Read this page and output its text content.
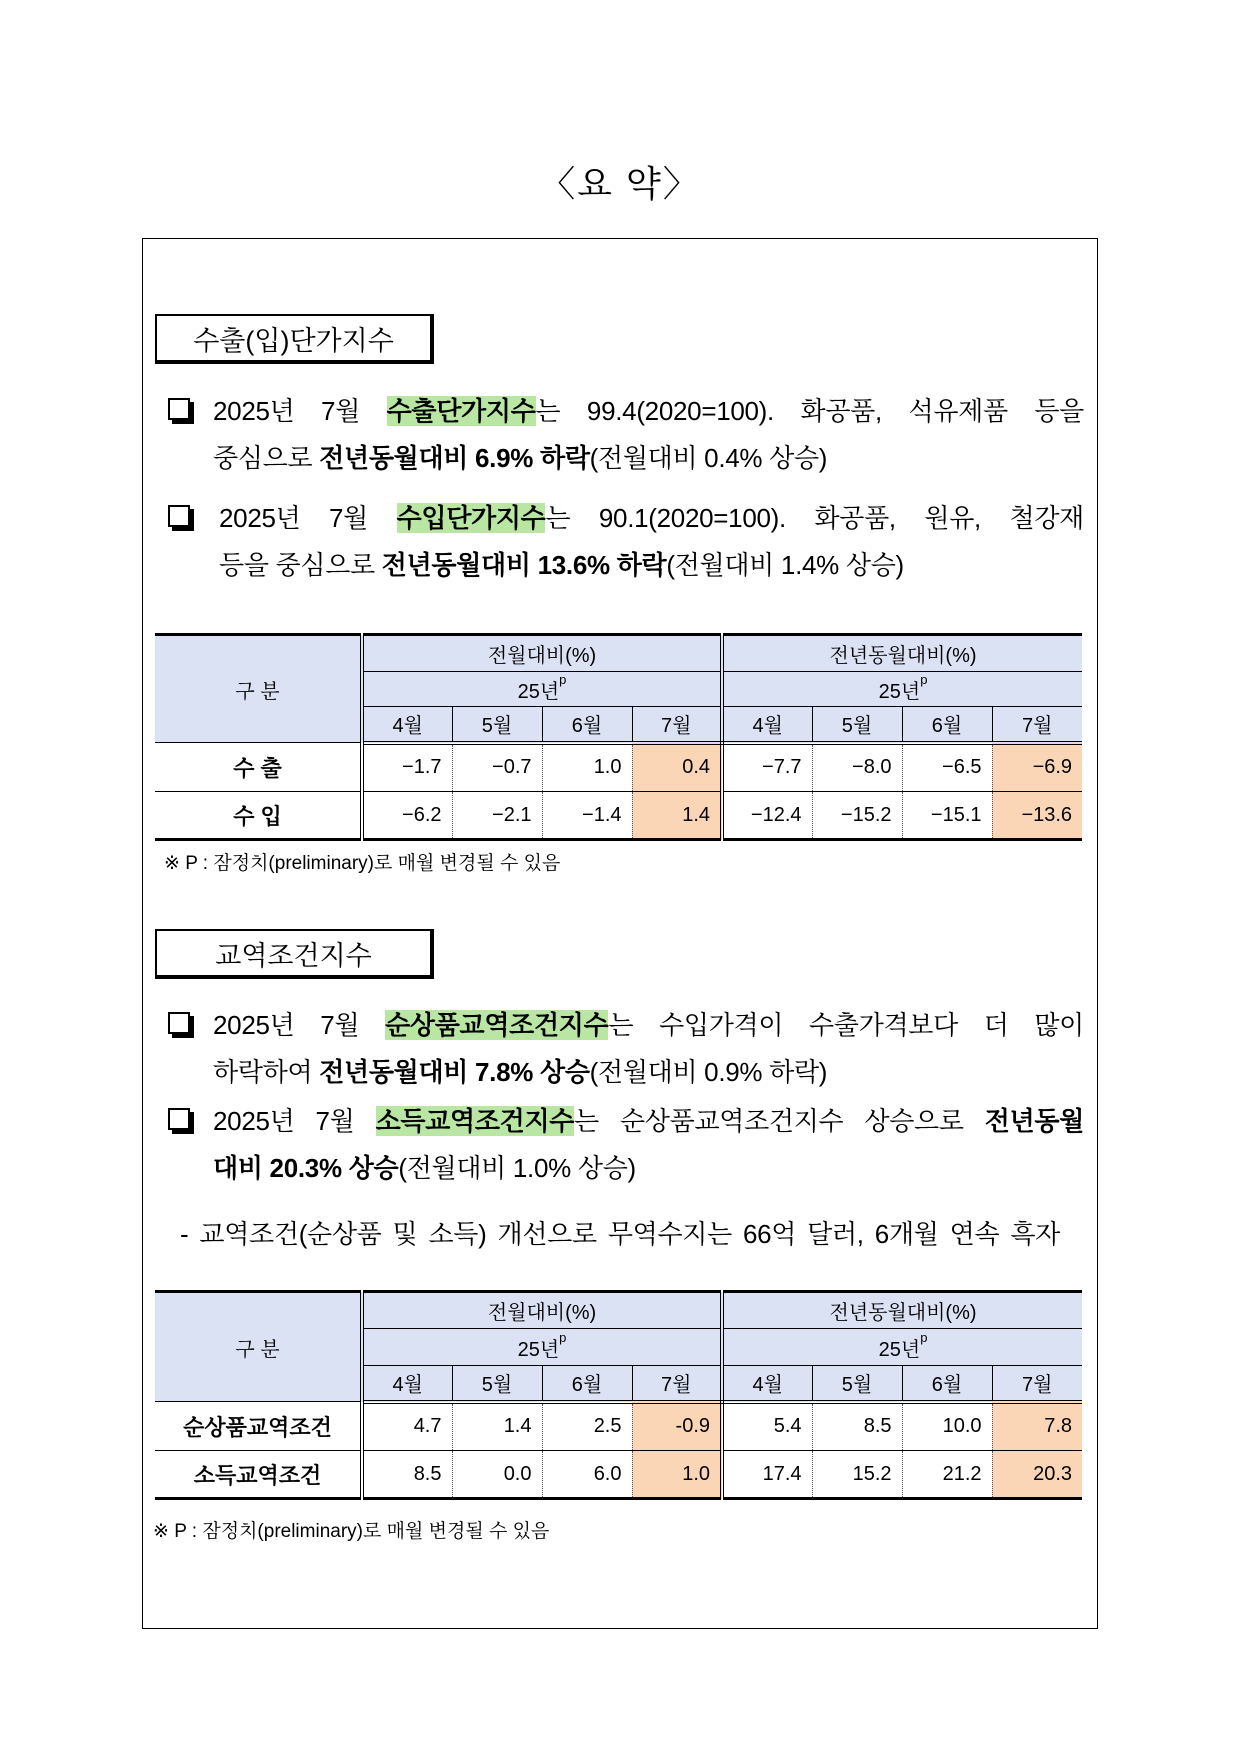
〈요 약〉
수출(입)단가지수
2025년 7월 수출단가지수는 99.4(2020=100). 화공품, 석유제품 등을
중심으로 전년동월대비 6.9% 하락(전월대비 0.4% 상승)
2025년 7월 수입단가지수는 90.1(2020=100). 화공품, 원유, 철강재
등을 중심으로 전년동월대비 13.6% 하락(전월대비 1.4% 상승)
구 분	전월대비(%)				전년동월대비(%)			
	25년$^p$				25년$^p$
	4월	5월	6월	7월	4월	5월	6월	7월
수 출	−1.7	−0.7	1.0	0.4	−7.7	−8.0	−6.5	−6.9
수 입	−6.2	−2.1	−1.4	1.4	−12.4	−15.2	−15.1	−13.6
※ P : 잠정치(preliminary)로 매월 변경될 수 있음
교역조건지수
2025년 7월 순상품교역조건지수는 수입가격이 수출가격보다 더 많이
하락하여 전년동월대비 7.8% 상승(전월대비 0.9% 하락)
2025년 7월 소득교역조건지수는 순상품교역조건지수 상승으로 전년동월
대비 20.3% 상승(전월대비 1.0% 상승)
- 교역조건(순상품 및 소득) 개선으로 무역수지는 66억 달러, 6개월 연속 흑자
구 분	전월대비(%)				전년동월대비(%)			
	25년$^p$				25년$^p$
	4월	5월	6월	7월	4월	5월	6월	7월
순상품교역조건	4.7	1.4	2.5	-0.9	5.4	8.5	10.0	7.8
소득교역조건	8.5	0.0	6.0	1.0	17.4	15.2	21.2	20.3
※ P : 잠정치(preliminary)로 매월 변경될 수 있음
